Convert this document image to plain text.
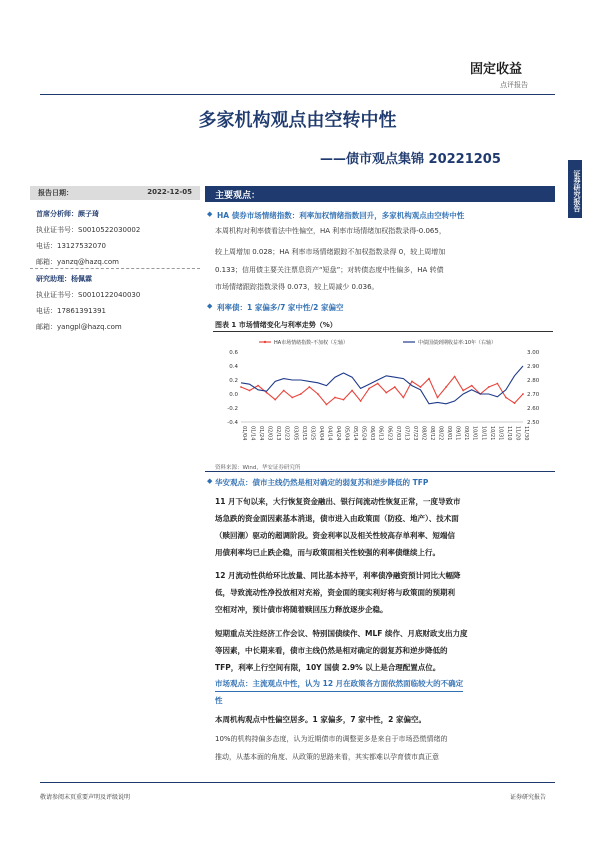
固定收益
点评报告
多家机构观点由空转中性
——债市观点集锦 20221205
证券研究报告
报告日期：	2022-12-05
首席分析师：颜子琦
执业证书号：S0010522030002
电话：13127532070
邮箱：yanzq@hazq.com
研究助理：杨佩霖
执业证书号：S0010122040030
电话：17861391391
邮箱：yangpl@hazq.com
主要观点：
◆ HA 债券市场情绪指数：利率加权情绪指数回升，多家机构观点由空转中性
本周机构对利率债看法中性偏空，HA 利率市场情绪加权指数录得-0.065，
较上周增加 0.028；HA 利率市场情绪跟踪不加权指数录得 0，较上周增加
0.133；信用债主要关注票息资产“短盘”；对转债态度中性偏多，HA 转债
市场情绪跟踪指数录得 0.073，较上周减少 0.036。
◆ 利率债：1 家偏多/7 家中性/2 家偏空
图表 1 市场情绪变化与利率走势（%）
0.6
0.4
0.2
0.0
-0.2
-0.4
3.00
2.90
2.80
2.70
2.60
2.50
01/04 01/14 01/24 02/03 02/13 02/23 03/05 03/15 03/25 04/04 04/14 04/24 05/04 05/14 05/24 06/03 06/13 06/23 07/03 07/13 07/23 08/02 08/12 08/22 09/01 09/11 09/21 10/01 10/11 10/21 10/31 11/10 11/20 11/30
HA市场情绪指数-不加权（左轴）	中债国债到期收益率:10年（右轴）
资料来源：Wind，华安证券研究所
◆ 华安观点：债市主线仍然是相对确定的弱复苏和逆步降低的 TFP
11 月下旬以来，大行恢复资金融出、银行间流动性恢复正常，一度导致市
场急跌的资金面因素基本消退，债市进入由政策面（防疫、地产）、技术面
（赎回潮）驱动的超调阶段。资金利率以及相关性较高存单利率、短端信
用债利率均已止跌企稳，而与政策面相关性较强的利率债继续上行。
12 月流动性供给环比放量、同比基本持平，利率债净融资预计同比大幅降
低，导致流动性净投放相对充裕，资金面的现实利好将与政策面的预期利
空相对冲，预计债市将随着赎回压力释放逐步企稳。
短期重点关注经济工作会议、特别国债续作、MLF 续作、月底财政支出力度
等因素，中长期来看，债市主线仍然是相对确定的弱复苏和逆步降低的
TFP，利率上行空间有限，10Y 国债 2.9% 以上是合理配置点位。
市场观点：主流观点中性，认为 12 月在政策各方面依然面临较大的不确定
性
本周机构观点中性偏空居多。1 家偏多，7 家中性，2 家偏空。
10%的机构持偏多态度，认为近期债市的调整更多是来自于市场恐慌情绪的
推动，从基本面的角度、从政策的思路来看，其实都难以孕育债市真正意
敬请参阅末页重要声明及评级说明	证券研究报告
